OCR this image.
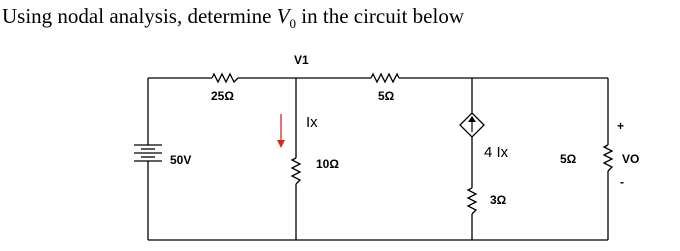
Using nodal analysis, determine $V_0$ in the circuit below
50V
25Ω	5Ω
V1
Ix
10Ω
4 Ix
3Ω
5Ω
+
VO
-
